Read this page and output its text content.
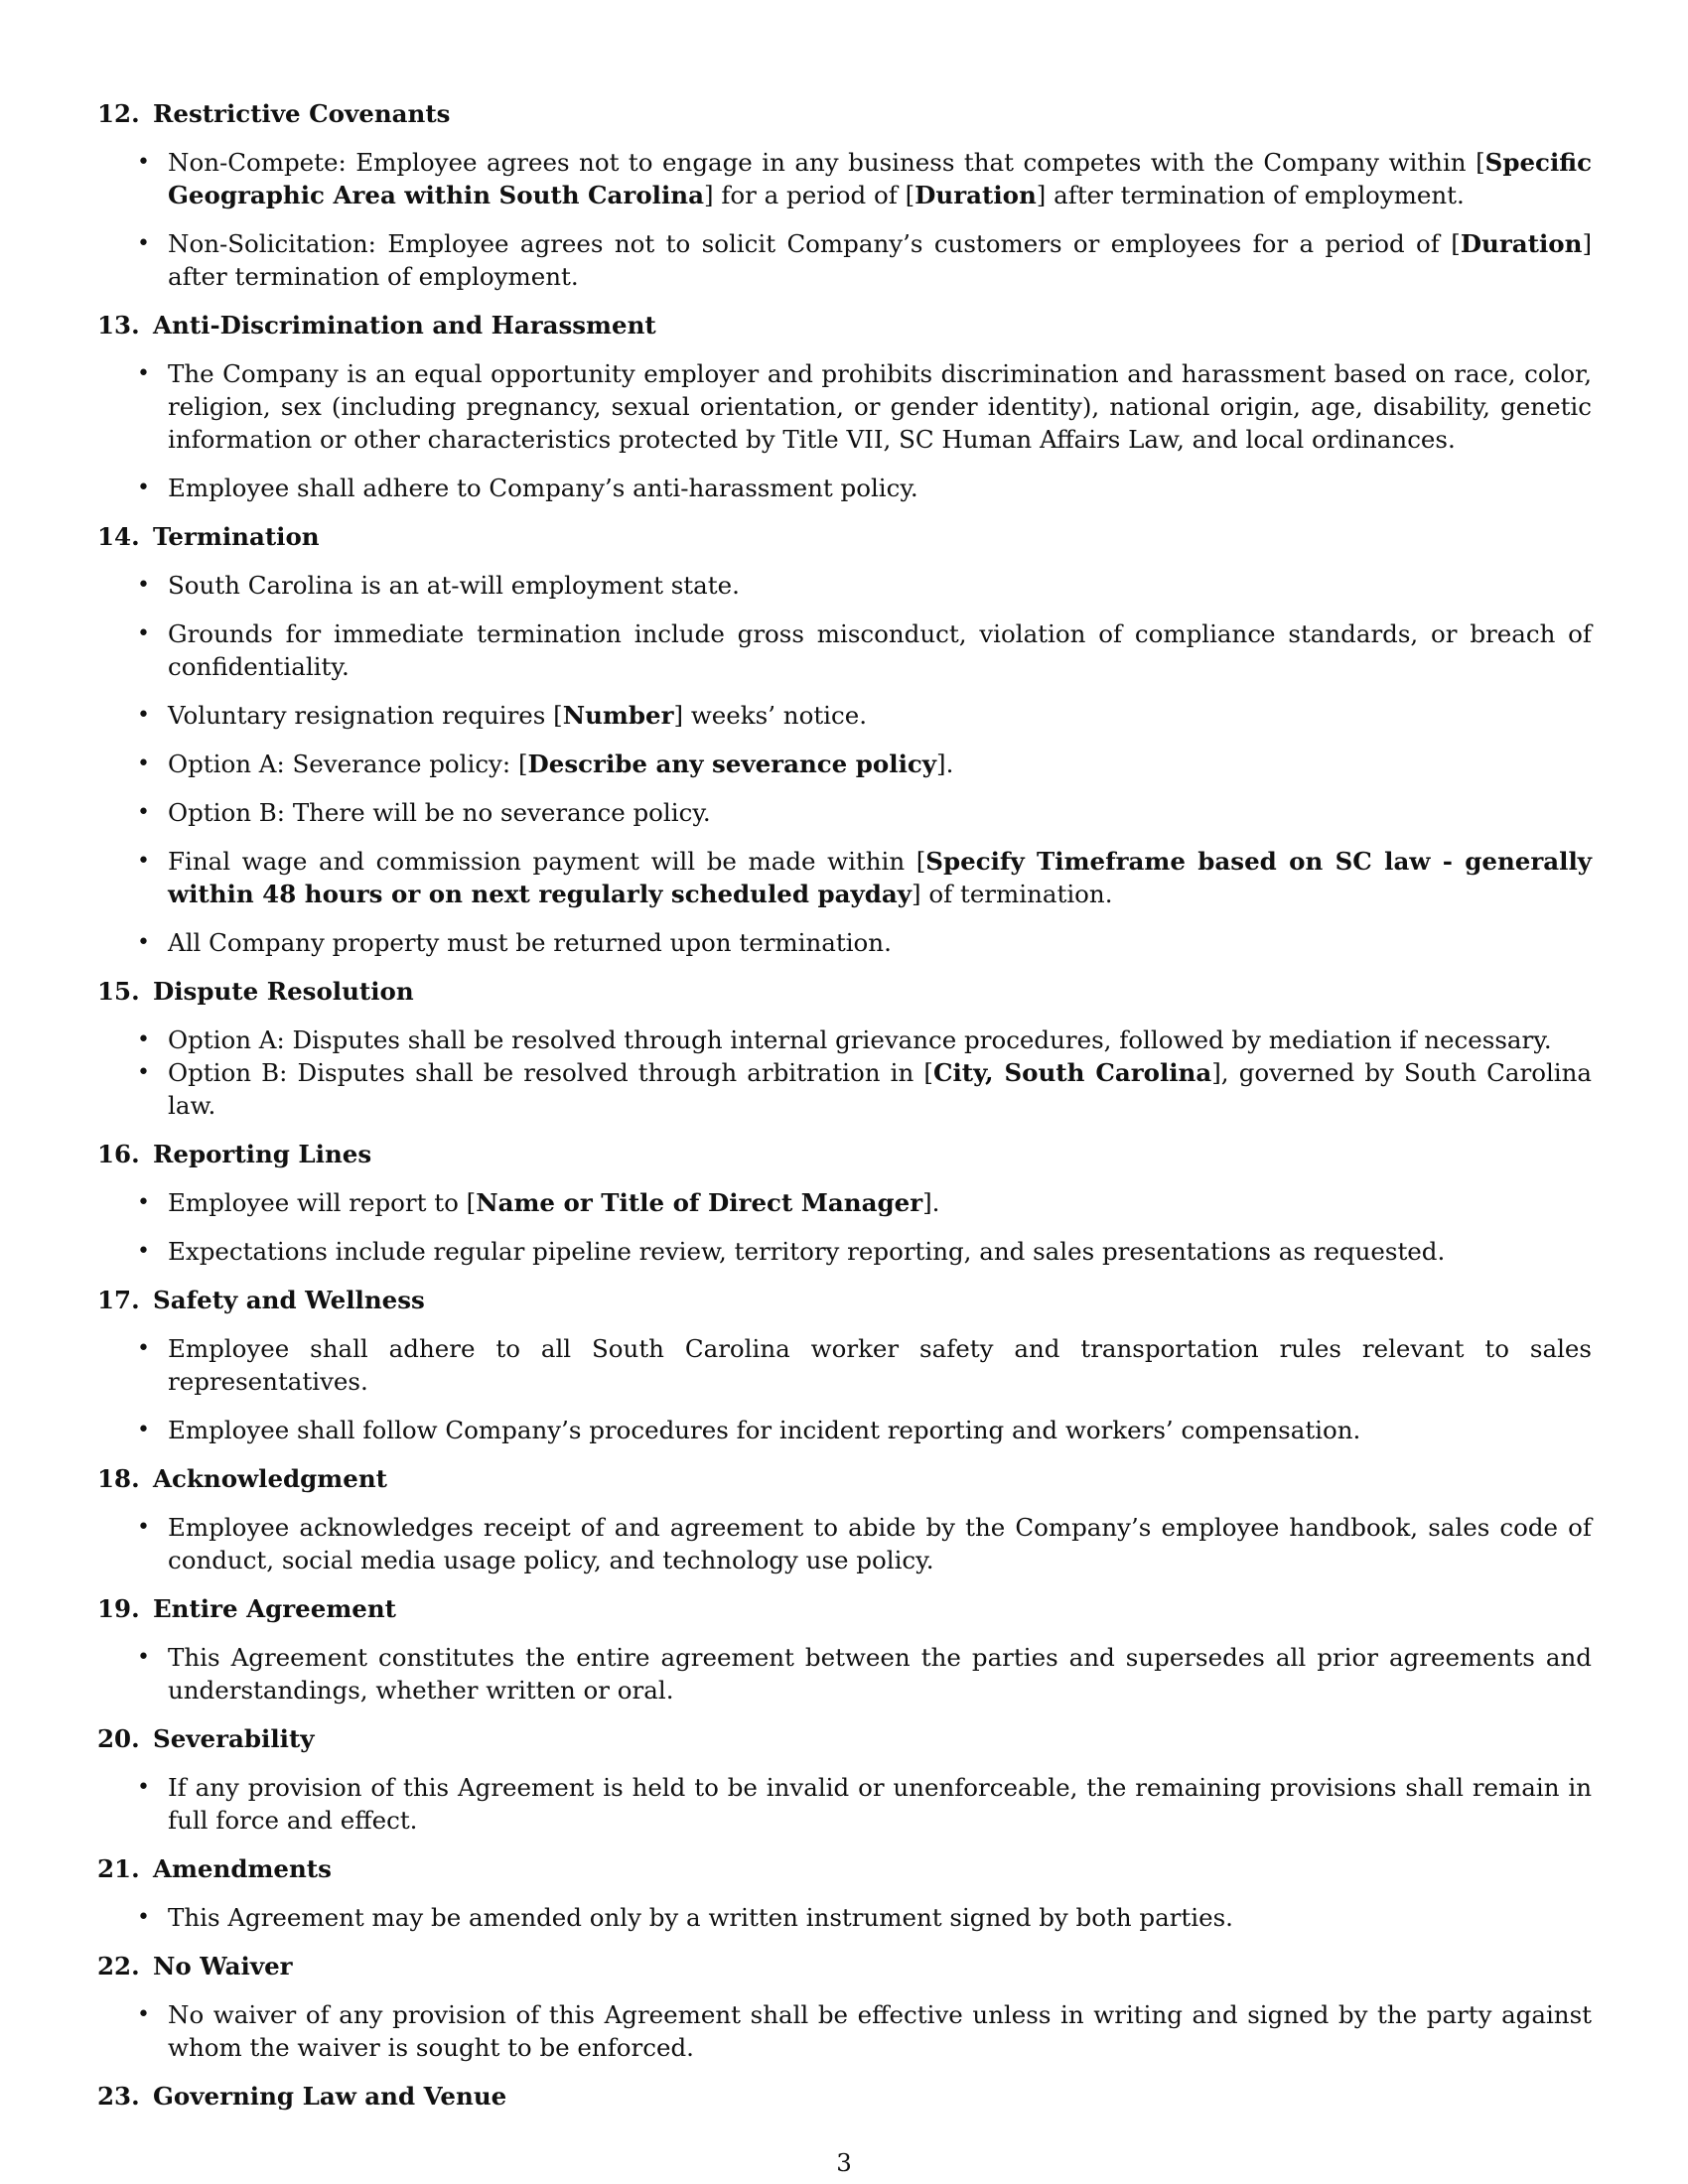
12. Restrictive Covenants
• Non-Compete: Employee agrees not to engage in any business that competes with the Company within [Specific Geographic Area within South Carolina] for a period of [Duration] after termination of employment.
• Non-Solicitation: Employee agrees not to solicit Company’s customers or employees for a period of [Duration] after termination of employment.
13. Anti-Discrimination and Harassment
• The Company is an equal opportunity employer and prohibits discrimination and harassment based on race, color, religion, sex (including pregnancy, sexual orientation, or gender identity), national origin, age, disability, genetic information or other characteristics protected by Title VII, SC Human Affairs Law, and local ordinances.
• Employee shall adhere to Company’s anti-harassment policy.
14. Termination
• South Carolina is an at-will employment state.
• Grounds for immediate termination include gross misconduct, violation of compliance standards, or breach of confidentiality.
• Voluntary resignation requires [Number] weeks’ notice.
• Option A: Severance policy: [Describe any severance policy].
• Option B: There will be no severance policy.
• Final wage and commission payment will be made within [Specify Timeframe based on SC law - generally within 48 hours or on next regularly scheduled payday] of termination.
• All Company property must be returned upon termination.
15. Dispute Resolution
• Option A: Disputes shall be resolved through internal grievance procedures, followed by mediation if necessary.
• Option B: Disputes shall be resolved through arbitration in [City, South Carolina], governed by South Carolina law.
16. Reporting Lines
• Employee will report to [Name or Title of Direct Manager].
• Expectations include regular pipeline review, territory reporting, and sales presentations as requested.
17. Safety and Wellness
• Employee shall adhere to all South Carolina worker safety and transportation rules relevant to sales representatives.
• Employee shall follow Company’s procedures for incident reporting and workers’ compensation.
18. Acknowledgment
• Employee acknowledges receipt of and agreement to abide by the Company’s employee handbook, sales code of conduct, social media usage policy, and technology use policy.
19. Entire Agreement
• This Agreement constitutes the entire agreement between the parties and supersedes all prior agreements and understandings, whether written or oral.
20. Severability
• If any provision of this Agreement is held to be invalid or unenforceable, the remaining provisions shall remain in full force and effect.
21. Amendments
• This Agreement may be amended only by a written instrument signed by both parties.
22. No Waiver
• No waiver of any provision of this Agreement shall be effective unless in writing and signed by the party against whom the waiver is sought to be enforced.
23. Governing Law and Venue
3
